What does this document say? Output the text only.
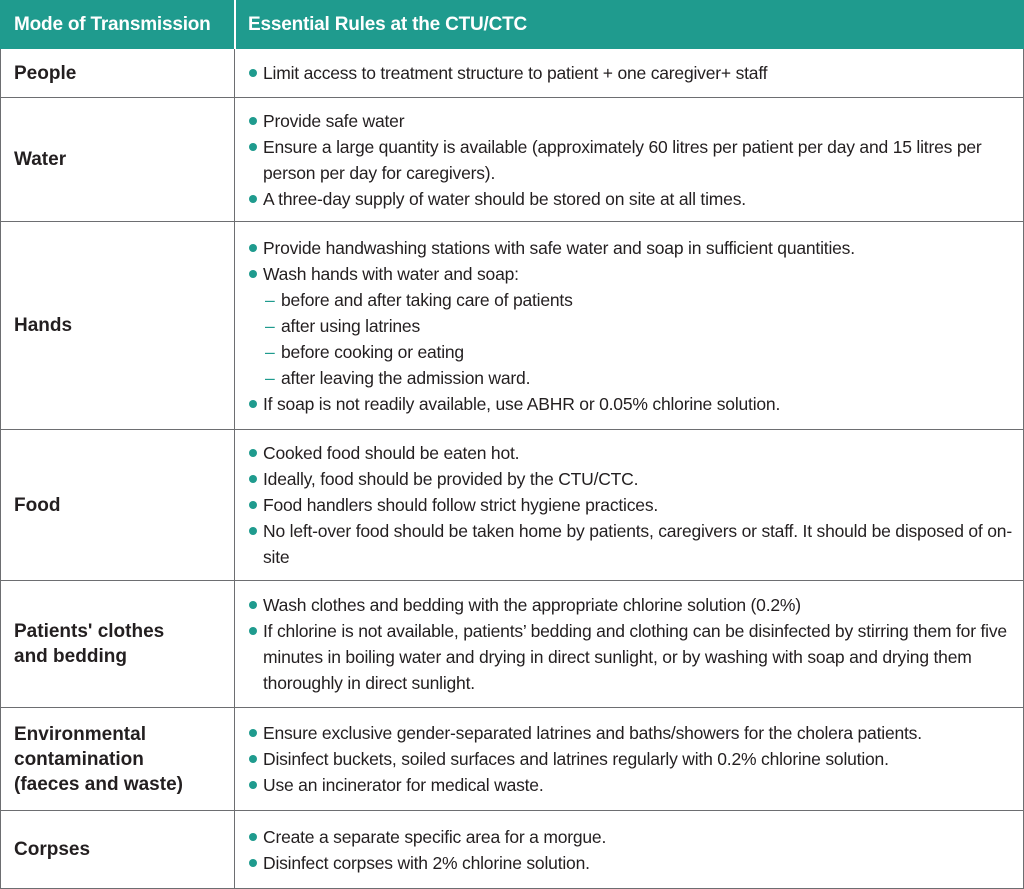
Mode of Transmission Essential Rules at the CTU/CTC
People	Limit access to treatment structure to patient + one caregiver+ staff
Water
Provide safe water
Ensure a large quantity is available (approximately 60 litres per patient per day and 15 litres per person per day for caregivers).
A three-day supply of water should be stored on site at all times.
Hands
Provide handwashing stations with safe water and soap in sufficient quantities.
Wash hands with water and soap:
– before and after taking care of patients
– after using latrines
– before cooking or eating
– after leaving the admission ward.
If soap is not readily available, use ABHR or 0.05% chlorine solution.
Food
Cooked food should be eaten hot.
Ideally, food should be provided by the CTU/CTC.
Food handlers should follow strict hygiene practices.
No left-over food should be taken home by patients, caregivers or staff. It should be disposed of on-site
Patients' clothes
and bedding
Wash clothes and bedding with the appropriate chlorine solution (0.2%)
If chlorine is not available, patients’ bedding and clothing can be disinfected by stirring them for five minutes in boiling water and drying in direct sunlight, or by washing with soap and drying them thoroughly in direct sunlight.
Environmental
contamination
(faeces and waste)
Ensure exclusive gender-separated latrines and baths/showers for the cholera patients.
Disinfect buckets, soiled surfaces and latrines regularly with 0.2% chlorine solution.
Use an incinerator for medical waste.
Corpses
Create a separate specific area for a morgue.
Disinfect corpses with 2% chlorine solution.
